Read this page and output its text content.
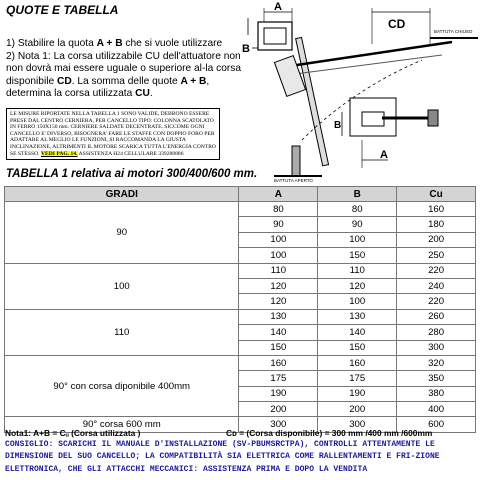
QUOTE E TABELLA
1) Stabilire la quota A + B che si vuole utilizzare
2) Nota 1: La corsa utilizzabile CU dell'attuatore non non dovrà mai essere uguale o superiore al-la corsa disponibile CD. La somma delle quote A + B, determina la corsa utilizzata CU.
LE MISURE RIPORTATE NELLA TABELLA 1 SONO VALIDE, DEBBONO ESSERE PRESE DAL CENTRO CERNIERA, PER CANCELLO TIPO: COLONNA SCATOLATO IN FERRO 150X150 mm. CERNIERE SALDATE DECENTRATE. SICCOME OGNI CANCELLO E' DIVERSO, BISOGNERA' FARE LE STAFFE CON DOPPIO FORO PER ADATTARE AL MEGLIO LE FUNZIONI, SI RACCOMANDA LA GIUSTA INCLINAZIONE, ALTRIMENTI IL MOTORE SCARICA TUTTA L'ENERGIA CONTRO SE STESSO. VEDI PAG. 14. ASSISTENZA H24 CELLULARE 339288886
A
B
CD
BATTUTA CHIUSO
BATTUTA APERTO
A
B
TABELLA 1 relativa ai motori 300/400/600 mm.
GRADI	A	B	Cu
90	80	80	160
	90	90	180
	100	100	200
	100	150	250
100	110	110	220
	120	120	240
	120	100	220
110	130	130	260
	140	140	280
	150	150	300
90° con corsa diponibile 400mm	160	160	320
	175	175	350
	190	190	380
	200	200	400
90° corsa 600 mm	300	300	600
Nota1: A+B = Cᵤ (Corsa utilizzata )	Cᴅ = (Corsa disponibile) = 300 mm /400 mm /600mm
CONSIGLIO: SCARICHI IL MANUALE D'INSTALLAZIONE (SV-PBUMSRCTPA), CONTROLLI ATTENTAMENTE LE DIMENSIONE DEL SUO CANCELLO; LA COMPATIBILITÀ SIA ELETTRICA COME RALLENTAMENTI E FRI-ZIONE ELETTRONICA, CHE GLI ATTACCHI MECCANICI: ASSISTENZA PRIMA E DOPO LA VENDITA
